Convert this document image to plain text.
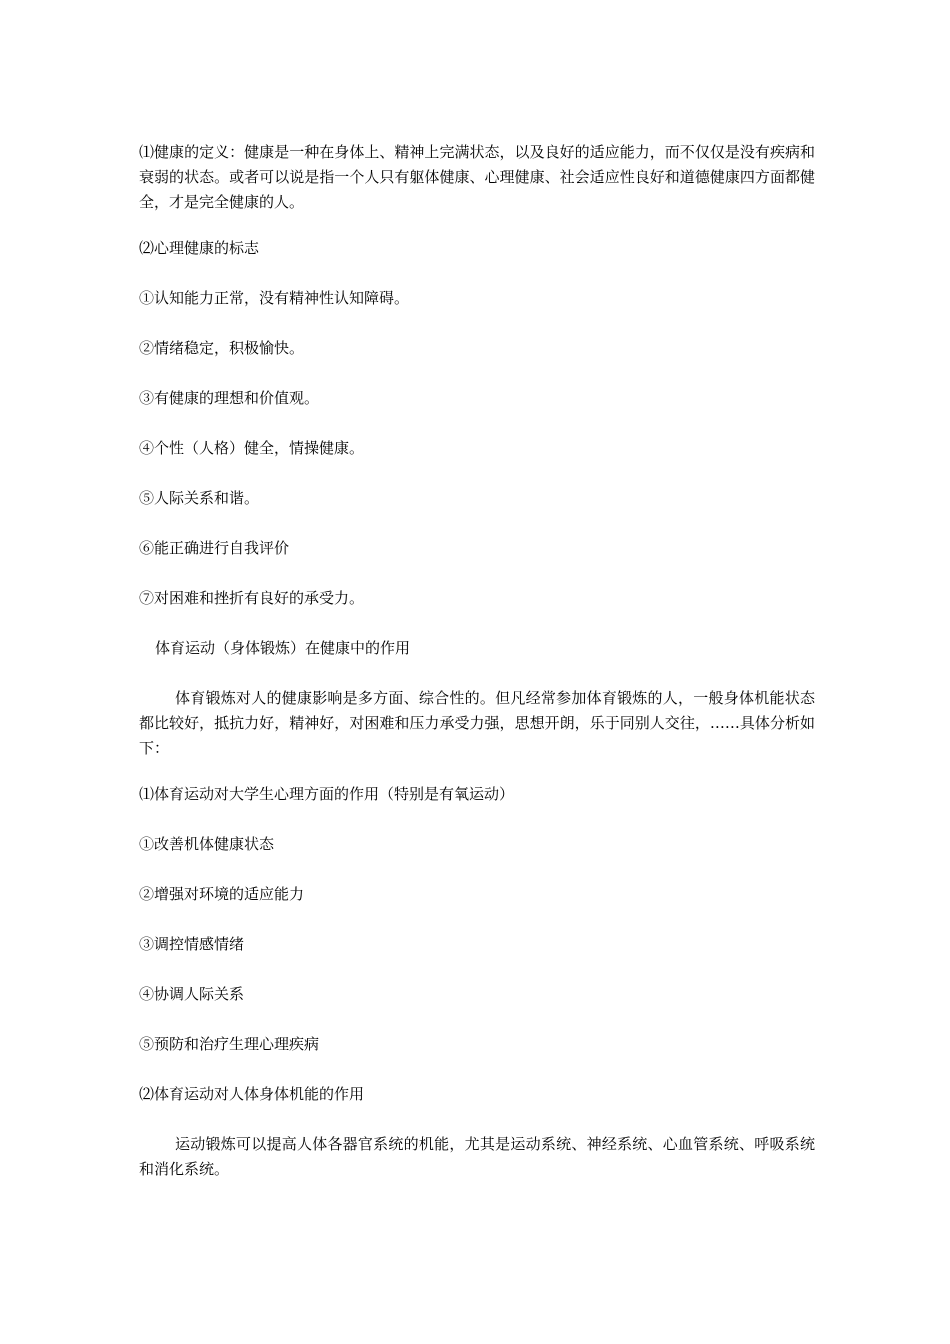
⑴健康的定义：健康是一种在身体上、精神上完满状态，以及良好的适应能力，而不仅仅是没有疾病和衰弱的状态。或者可以说是指一个人只有躯体健康、心理健康、社会适应性良好和道德健康四方面都健全，才是完全健康的人。

⑵心理健康的标志

①认知能力正常，没有精神性认知障碍。

②情绪稳定，积极愉快。

③有健康的理想和价值观。

④个性（人格）健全，情操健康。

⑤人际关系和谐。

⑥能正确进行自我评价

⑦对困难和挫折有良好的承受力。

体育运动（身体锻炼）在健康中的作用

体育锻炼对人的健康影响是多方面、综合性的。但凡经常参加体育锻炼的人，一般身体机能状态都比较好，抵抗力好，精神好，对困难和压力承受力强，思想开朗，乐于同别人交往，……具体分析如下：

⑴体育运动对大学生心理方面的作用（特别是有氧运动）

①改善机体健康状态

②增强对环境的适应能力

③调控情感情绪

④协调人际关系

⑤预防和治疗生理心理疾病

⑵体育运动对人体身体机能的作用

运动锻炼可以提高人体各器官系统的机能，尤其是运动系统、神经系统、心血管系统、呼吸系统和消化系统。
